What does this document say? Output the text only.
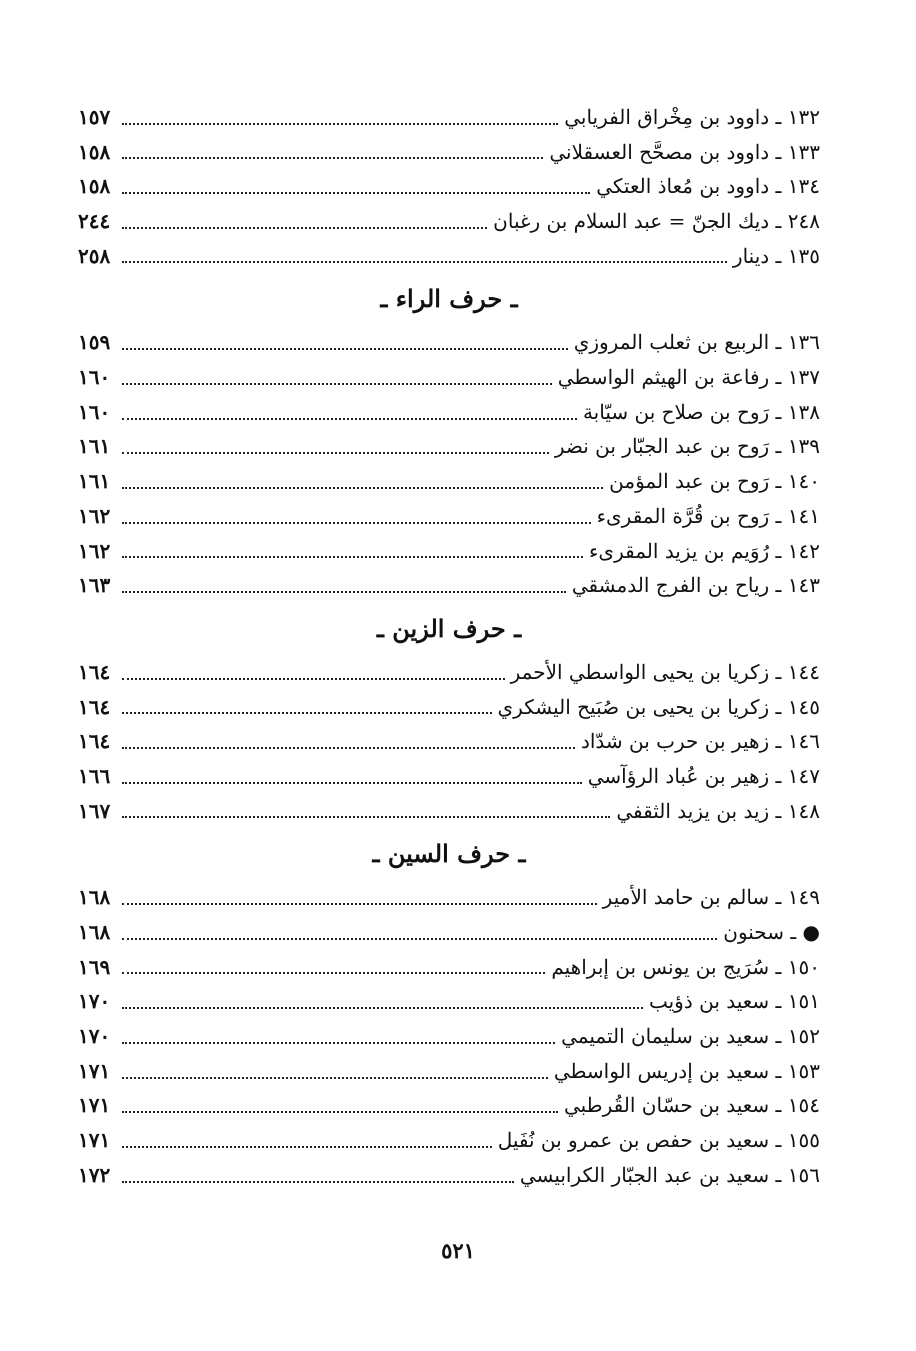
١٣٢ ـ داوود بن مِخْراق الفريابي
١٥٧
١٣٣ ـ داوود بن مصحَّح العسقلاني
١٥٨
١٣٤ ـ داوود بن مُعاذ العتكي
١٥٨
٢٤٨ ـ ديك الجنّ = عبد السلام بن رغبان
٢٤٤
١٣٥ ـ دينار
٢٥٨
ـ حرف الراء ـ
١٣٦ ـ الربيع بن ثعلب المروزي
١٥٩
١٣٧ ـ رفاعة بن الهيثم الواسطي
١٦٠
١٣٨ ـ رَوح بن صلاح بن سيّابة
١٦٠
١٣٩ ـ رَوح بن عبد الجبّار بن نضر
١٦١
١٤٠ ـ رَوح بن عبد المؤمن
١٦١
١٤١ ـ رَوح بن قُرَّة المقرىء
١٦٢
١٤٢ ـ رُوَيم بن يزيد المقرىء
١٦٢
١٤٣ ـ رياح بن الفرج الدمشقي
١٦٣
ـ حرف الزين ـ
١٤٤ ـ زكريا بن يحيى الواسطي الأحمر
١٦٤
١٤٥ ـ زكريا بن يحيى بن صُبَيح اليشكري
١٦٤
١٤٦ ـ زهير بن حرب بن شدّاد
١٦٤
١٤٧ ـ زهير بن عُباد الرؤآسي
١٦٦
١٤٨ ـ زيد بن يزيد الثقفي
١٦٧
ـ حرف السين ـ
١٤٩ ـ سالم بن حامد الأمير
١٦٨
● ـ سحنون
١٦٨
١٥٠ ـ سُرَيج بن يونس بن إبراهيم
١٦٩
١٥١ ـ سعيد بن ذؤيب
١٧٠
١٥٢ ـ سعيد بن سليمان التميمي
١٧٠
١٥٣ ـ سعيد بن إدريس الواسطي
١٧١
١٥٤ ـ سعيد بن حسّان القُرطبي
١٧١
١٥٥ ـ سعيد بن حفص بن عمرو بن نُفَيل
١٧١
١٥٦ ـ سعيد بن عبد الجبّار الكرابيسي
١٧٢
٥٢١
